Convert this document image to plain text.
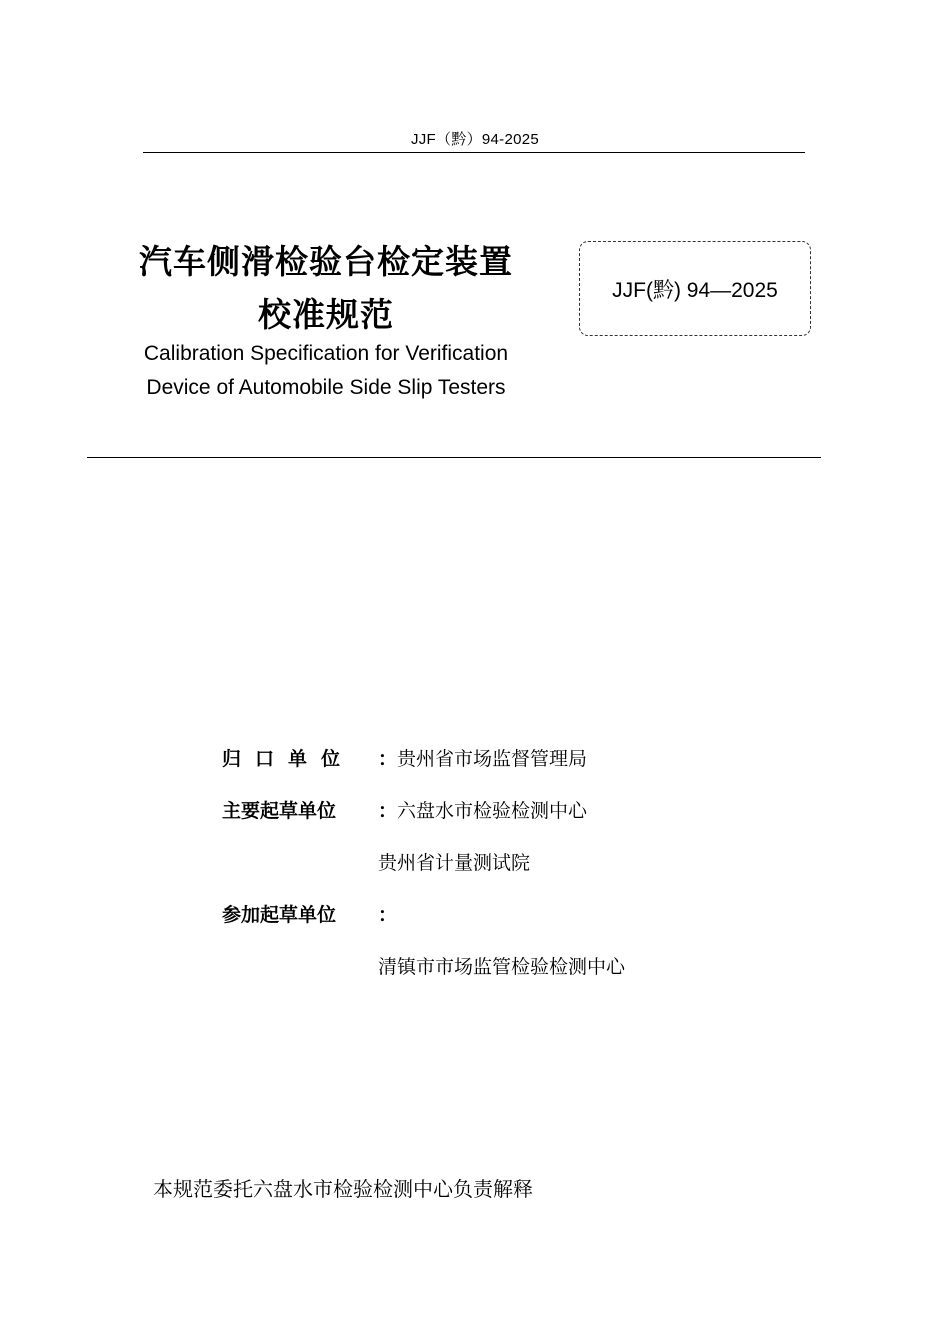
JJF（黔）94-2025
汽车侧滑检验台检定装置
校准规范
Calibration Specification for Verification
Device of Automobile Side Slip Testers
JJF(黔) 94—2025
归口单位 ：贵州省市场监督管理局
主要起草单位 ：六盘水市检验检测中心
贵州省计量测试院
参加起草单位 ：
清镇市市场监管检验检测中心
本规范委托六盘水市检验检测中心负责解释
